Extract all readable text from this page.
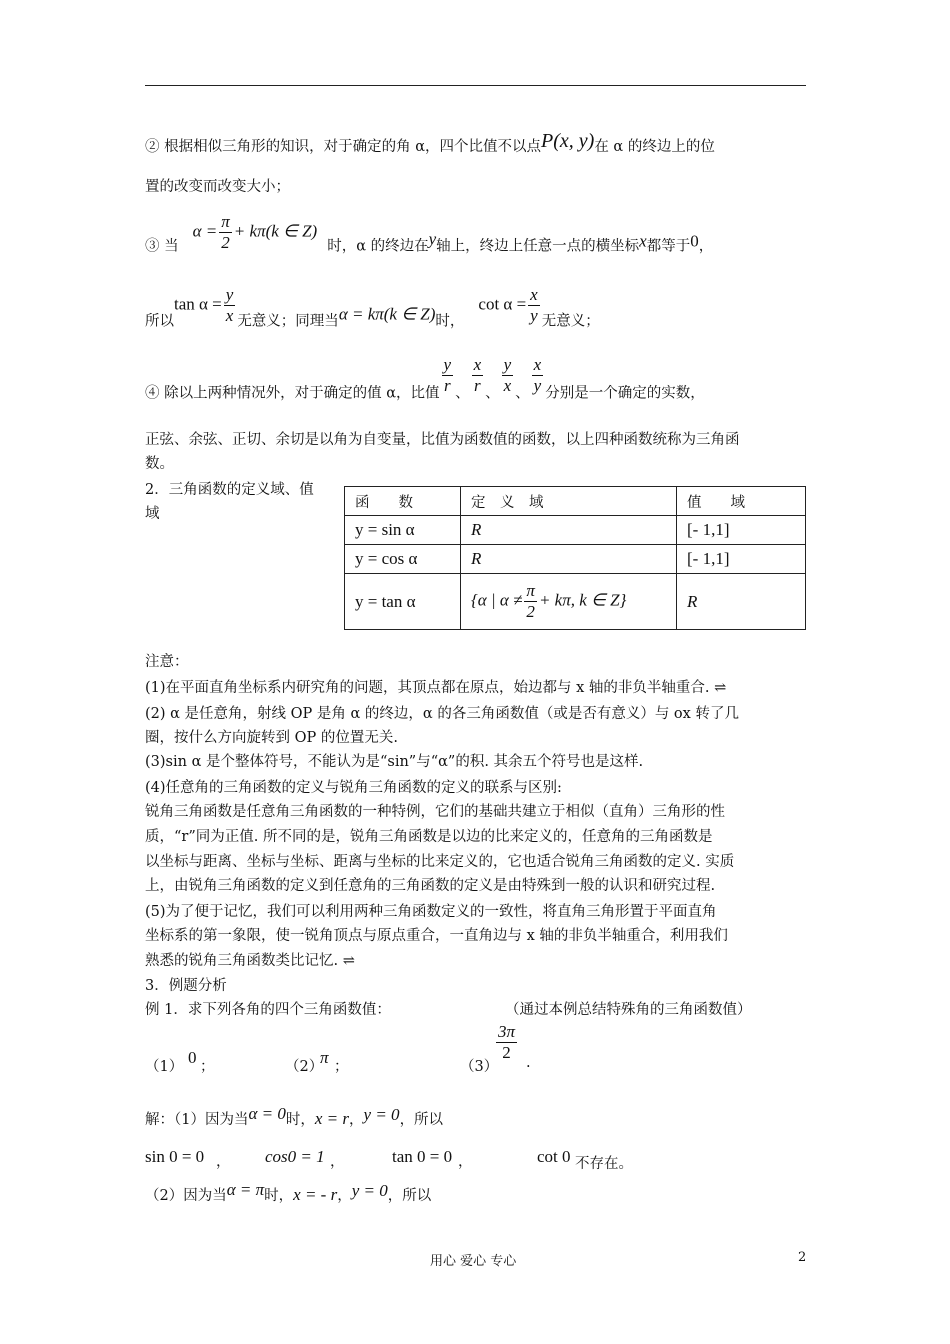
② 根据相似三角形的知识，对于确定的角 α，四个比值不以点P(x, y)在 α 的终边上的位
置的改变而改变大小；
③ 当$\alpha = \frac{\pi}{2} + k\pi(k$ ∈ Z)时，α 的终边在y轴上，终边上任意一点的横坐标x都等于0，
所以$\tan \alpha = \frac{y}{x}$ 无意义；同理当α = kπ(k ∈ Z)时，$\cot \alpha = \frac{x}{y}$ 无意义；
④ 除以上两种情况外，对于确定的值 α，比值 $\frac{y}{r}$ 、 $\frac{x}{r}$ 、 $\frac{y}{x}$ 、 $\frac{x}{y}$ 分别是一个确定的实数，
正弦、余弦、正切、余切是以角为自变量，比值为函数值的函数，以上四种函数统称为三角函
数。
2．三角函数的定义域、值
域
函　　数	定　义　域	值　　域
y = sin α	R	[- 1,1]
y = cos α	R	[- 1,1]
y = tan α	{α | $\alpha \ne \frac{\pi}{2} + k\pi$, k ∈ Z}	R
注意：
(1)在平面直角坐标系内研究角的问题，其顶点都在原点，始边都与 x 轴的非负半轴重合. ⇌
(2) α 是任意角，射线 OP 是角 α 的终边，α 的各三角函数值（或是否有意义）与 ox 转了几
圈，按什么方向旋转到 OP 的位置无关.
(3)sin α 是个整体符号，不能认为是“sin”与“α”的积. 其余五个符号也是这样.
(4)任意角的三角函数的定义与锐角三角函数的定义的联系与区别:
锐角三角函数是任意角三角函数的一种特例，它们的基础共建立于相似（直角）三角形的性
质，“r”同为正值. 所不同的是，锐角三角函数是以边的比来定义的，任意角的三角函数是
以坐标与距离、坐标与坐标、距离与坐标的比来定义的，它也适合锐角三角函数的定义. 实质
上，由锐角三角函数的定义到任意角的三角函数的定义是由特殊到一般的认识和研究过程.
(5)为了便于记忆，我们可以利用两种三角函数定义的一致性，将直角三角形置于平面直角
坐标系的第一象限，使一锐角顶点与原点重合，一直角边与 x 轴的非负半轴重合，利用我们
熟悉的锐角三角函数类比记忆. ⇌
3．例题分析
例 1．求下列各角的四个三角函数值：	（通过本例总结特殊角的三角函数值）
（1） 0 ；	（2）
π ；	（3）
$\frac{3\pi}{2}$ .
解：（1）因为当α = 0时，x = r，y = 0，所以
sin 0 = 0 ， cos0 = 1 ，	tan 0 = 0 ，	cot 0 不存在。
（2）因为当α = π时，x = - r，y = 0，所以
用心 爱心 专心	2
